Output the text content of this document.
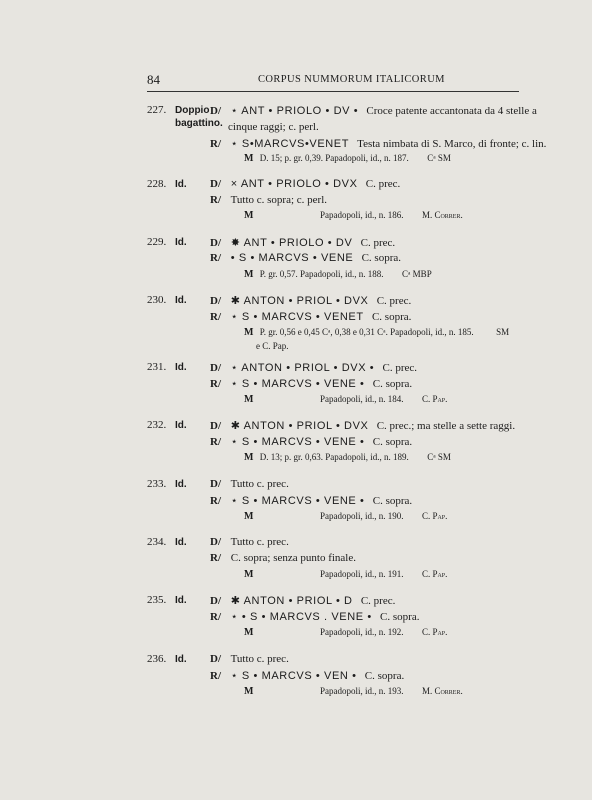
84	CORPUS NUMMORUM ITALICORUM
227. Doppio bagattino.
D/ ⋆ ANT • PRIOLO • DV • Croce patente accantonata da 4 stelle a
cinque raggi; c. perl.
R/ ⋆ S•MARCVS•VENET Testa nimbata di S. Marco, di fronte; c. lin.
M D. 15; p. gr. 0,39. Papadopoli, id., n. 187. Cᵃ SM
228. Id. D/ × ANT • PRIOLO • DVX C. prec.
R/ Tutto c. sopra; c. perl.
M	Papadopoli, id., n. 186. M. Correr.
229. Id. D/ ✸ ANT • PRIOLO • DV C. prec.
R/ • S • MARCVS • VENE C. sopra.
M P. gr. 0,57. Papadopoli, id., n. 188. Cᵃ MBP
230. Id. D/ ✱ ANTON • PRIOL • DVX C. prec.
R/ ⋆ S • MARCVS • VENET C. sopra.
M P. gr. 0,56 e 0,45 Cᵃ, 0,38 e 0,31 Cᵃ. Papadopoli, id., n. 185.	SM
e C. Pap.
231. Id. D/ ⋆ ANTON • PRIOL • DVX • C. prec.
R/ ⋆ S • MARCVS • VENE • C. sopra.
M	Papadopoli, id., n. 184. C. Pap.
232. Id. D/ ✱ ANTON • PRIOL • DVX C. prec.; ma stelle a sette raggi.
R/ ⋆ S • MARCVS • VENE • C. sopra.
M D. 13; p. gr. 0,63. Papadopoli, id., n. 189. Cᵃ SM
233. Id. D/ Tutto c. prec.
R/ ⋆ S • MARCVS • VENE • C. sopra.
M	Papadopoli, id., n. 190. C. Pap.
234. Id. D/ Tutto c. prec.
R/ C. sopra; senza punto finale.
M	Papadopoli, id., n. 191. C. Pap.
235. Id. D/ ✱ ANTON • PRIOL • D C. prec.
R/ ⋆ • S • MARCVS . VENE • C. sopra.
M	Papadopoli, id., n. 192. C. Pap.
236. Id. D/ Tutto c. prec.
R/ ⋆ S • MARCVS • VEN • C. sopra.
M	Papadopoli, id., n. 193. M. Correr.
